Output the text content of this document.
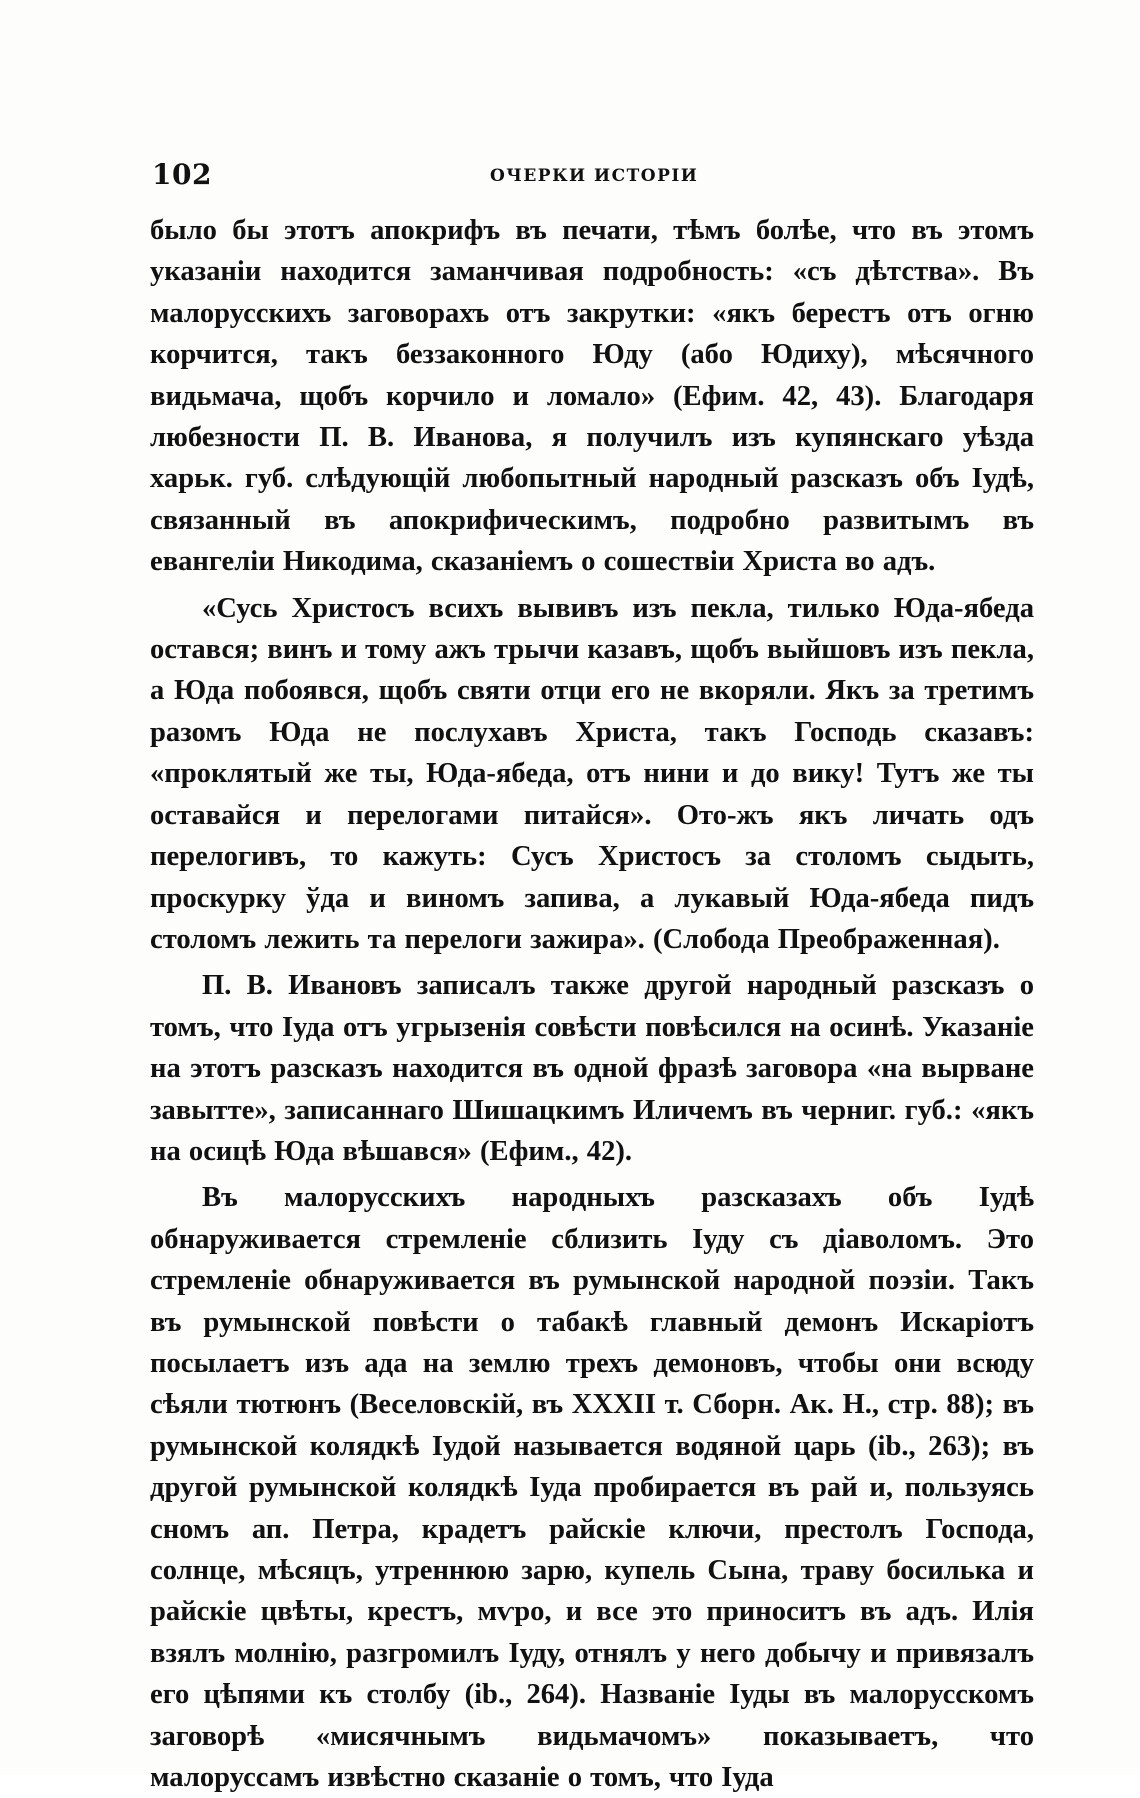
102	ОЧЕРКИ ИСТОРІИ

было бы этотъ апокрифъ въ печати, тѣмъ болѣе, что въ этомъ указаніи находится заманчивая подробность: «съ дѣтства». Въ малорусскихъ заговорахъ отъ закрутки: «якъ берестъ отъ огню корчится, такъ беззаконного Юду (або Юдиху), мѣсячного видьмача, щобъ корчило и ломало» (Ефим. 42, 43). Благодаря любезности П. В. Иванова, я получилъ изъ купянскаго уѣзда харьк. губ. слѣдующій любопытный народный разсказъ объ Іудѣ, связанный въ апокрифическимъ, подробно развитымъ въ евангеліи Никодима, сказаніемъ о сошествіи Христа во адъ.

«Сусь Христосъ всихъ вывивъ изъ пекла, тилько Юда-ябеда остався; винъ и тому ажъ трычи казавъ, щобъ выйшовъ изъ пекла, а Юда побоявся, щобъ святи отци его не вкоряли. Якъ за третимъ разомъ Юда не послухавъ Христа, такъ Господь сказавъ: «проклятый же ты, Юда-ябеда, отъ нини и до вику! Тутъ же ты оставайся и перелогами питайся». Ото-жъ якъ личать одъ перелогивъ, то кажуть: Сусъ Христосъ за столомъ сыдыть, проскурку ўда и виномъ запива, а лукавый Юда-ябеда пидъ столомъ лежить та перелоги зажира». (Слобода Преображенная).

П. В. Ивановъ записалъ также другой народный разсказъ о томъ, что Іуда отъ угрызенія совѣсти повѣсился на осинѣ. Указаніе на этотъ разсказъ находится въ одной фразѣ заговора «на вырване завытте», записаннаго Шишацкимъ Иличемъ въ черниг. губ.: «якъ на осицѣ Юда вѣшався» (Ефим., 42).

Въ малорусскихъ народныхъ разсказахъ объ Іудѣ обнаруживается стремленіе сблизить Іуду съ діаволомъ. Это стремленіе обнаруживается въ румынской народной поэзіи. Такъ въ румынской повѣсти о табакѣ главный демонъ Искаріотъ посылаетъ изъ ада на землю трехъ демоновъ, чтобы они всюду сѣяли тютюнъ (Веселовскій, въ XXXII т. Сборн. Ак. Н., стр. 88); въ румынской колядкѣ Іудой называется водяной царь (ib., 263); въ другой румынской колядкѣ Іуда пробирается въ рай и, пользуясь сномъ ап. Петра, крадетъ райскіе ключи, престолъ Господа, солнце, мѣсяцъ, утреннюю зарю, купель Сына, траву босилька и райскіе цвѣты, крестъ, мѵро, и все это приноситъ въ адъ. Илія взялъ молнію, разгромилъ Іуду, отнялъ у него добычу и привязалъ его цѣпями къ столбу (ib., 264). Названіе Іуды въ малорусскомъ заговорѣ «мисячнымъ видьмачомъ» показываетъ, что малоруссамъ извѣстно сказаніе о томъ, что Іуда
